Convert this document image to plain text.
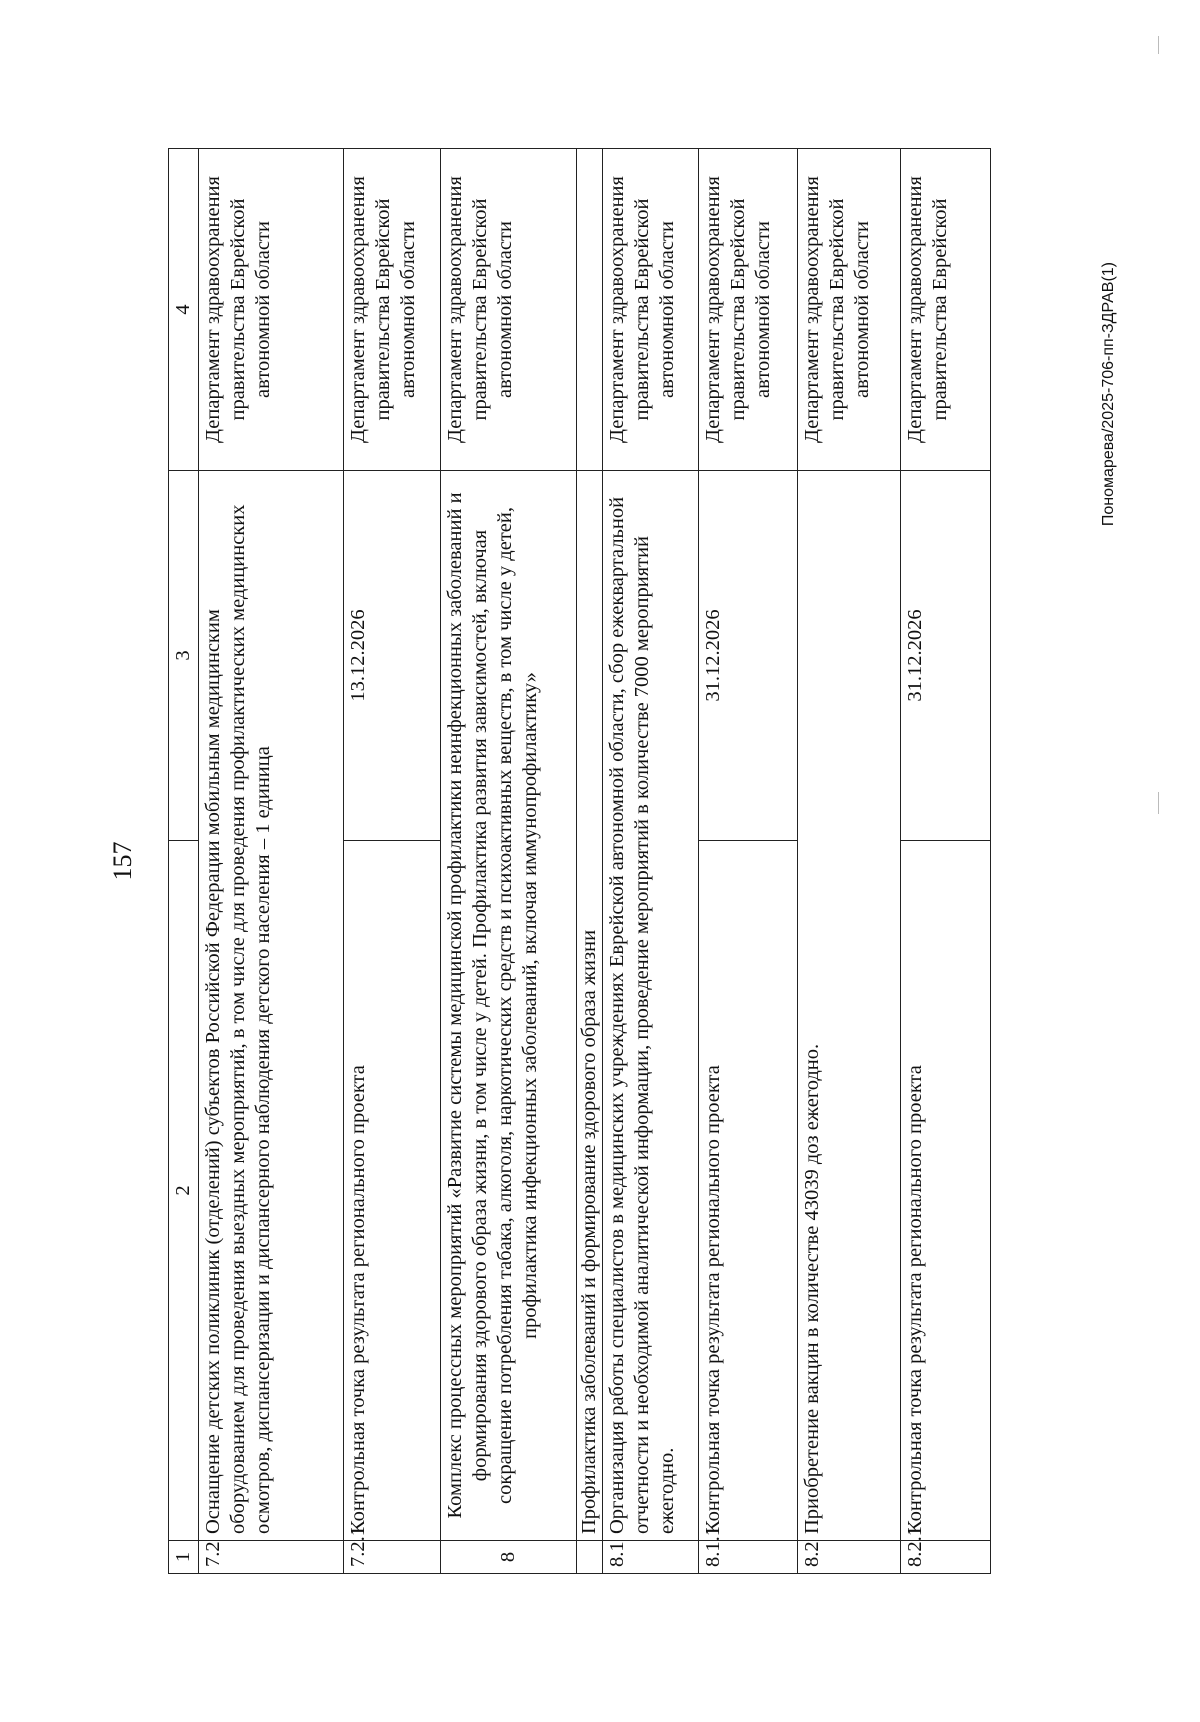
157
1	2	3	4
7.2	Оснащение детских поликлиник (отделений) субъектов Российской Федерации мобильным медицинским оборудованием для проведения выездных мероприятий, в том числе для проведения профилактических медицинских осмотров, диспансеризации и диспансерного наблюдения детского населения – 1 единица		Департамент здравоохранения правительства Еврейской автономной области
7.2.1	Контрольная точка результата регионального проекта	13.12.2026	Департамент здравоохранения правительства Еврейской автономной области
8	Комплекс процессных мероприятий «Развитие системы медицинской профилактики неинфекционных заболеваний и формирования здорового образа жизни, в том числе у детей. Профилактика развития зависимостей, включая сокращение потребления табака, алкоголя, наркотических средств и психоактивных веществ, в том числе у детей, профилактика инфекционных заболеваний, включая иммунопрофилактику»		Департамент здравоохранения правительства Еврейской автономной области
	Профилактика заболеваний и формирование здорового образа жизни		
8.1	Организация работы специалистов в медицинских учреждениях Еврейской автономной области, сбор ежеквартальной отчетности и необходимой аналитической информации, проведение мероприятий в количестве 7000 мероприятий ежегодно.		Департамент здравоохранения правительства Еврейской автономной области
8.1.1	Контрольная точка результата регионального проекта	31.12.2026	Департамент здравоохранения правительства Еврейской автономной области
8.2	Приобретение вакцин в количестве 43039 доз ежегодно.		Департамент здравоохранения правительства Еврейской автономной области
8.2.1	Контрольная точка результата регионального проекта	31.12.2026	Департамент здравоохранения правительства Еврейской	Пономарева/2025-706-пп-ЗДРАВ(1)
